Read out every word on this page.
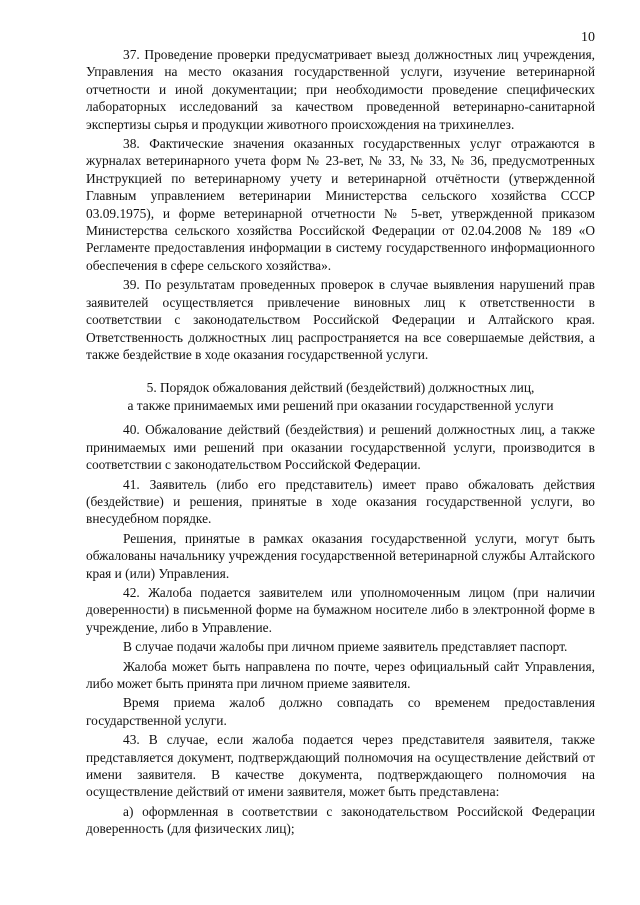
10

37. Проведение проверки предусматривает выезд должностных лиц учреждения, Управления на место оказания государственной услуги, изучение ветеринарной отчетности и иной документации; при необходимости проведение специфических лабораторных исследований за качеством проведенной ветеринарно-санитарной экспертизы сырья и продукции животного происхождения на трихинеллез.

38. Фактические значения оказанных государственных услуг отражаются в журналах ветеринарного учета форм № 23-вет, № 33, № 33, № 36, предусмотренных Инструкцией по ветеринарному учету и ветеринарной отчётности (утвержденной Главным управлением ветеринарии Министерства сельского хозяйства СССР 03.09.1975), и форме ветеринарной отчетности № 5-вет, утвержденной приказом Министерства сельского хозяйства Российской Федерации от 02.04.2008 № 189 «О Регламенте предоставления информации в систему государственного информационного обеспечения в сфере сельского хозяйства».

39. По результатам проведенных проверок в случае выявления нарушений прав заявителей осуществляется привлечение виновных лиц к ответственности в соответствии с законодательством Российской Федерации и Алтайского края. Ответственность должностных лиц распространяется на все совершаемые действия, а также бездействие в ходе оказания государственной услуги.

5. Порядок обжалования действий (бездействий) должностных лиц,
а также принимаемых ими решений при оказании государственной услуги

40. Обжалование действий (бездействия) и решений должностных лиц, а также принимаемых ими решений при оказании государственной услуги, производится в соответствии с законодательством Российской Федерации.

41. Заявитель (либо его представитель) имеет право обжаловать действия (бездействие) и решения, принятые в ходе оказания государственной услуги, во внесудебном порядке.

Решения, принятые в рамках оказания государственной услуги, могут быть обжалованы начальнику учреждения государственной ветеринарной службы Алтайского края и (или) Управления.

42. Жалоба подается заявителем или уполномоченным лицом (при наличии доверенности) в письменной форме на бумажном носителе либо в электронной форме в учреждение, либо в Управление.

В случае подачи жалобы при личном приеме заявитель представляет паспорт.

Жалоба может быть направлена по почте, через официальный сайт Управления, либо может быть принята при личном приеме заявителя.

Время приема жалоб должно совпадать со временем предоставления государственной услуги.

43. В случае, если жалоба подается через представителя заявителя, также представляется документ, подтверждающий полномочия на осуществление действий от имени заявителя. В качестве документа, подтверждающего полномочия на осуществление действий от имени заявителя, может быть представлена:

а) оформленная в соответствии с законодательством Российской Федерации доверенность (для физических лиц);
